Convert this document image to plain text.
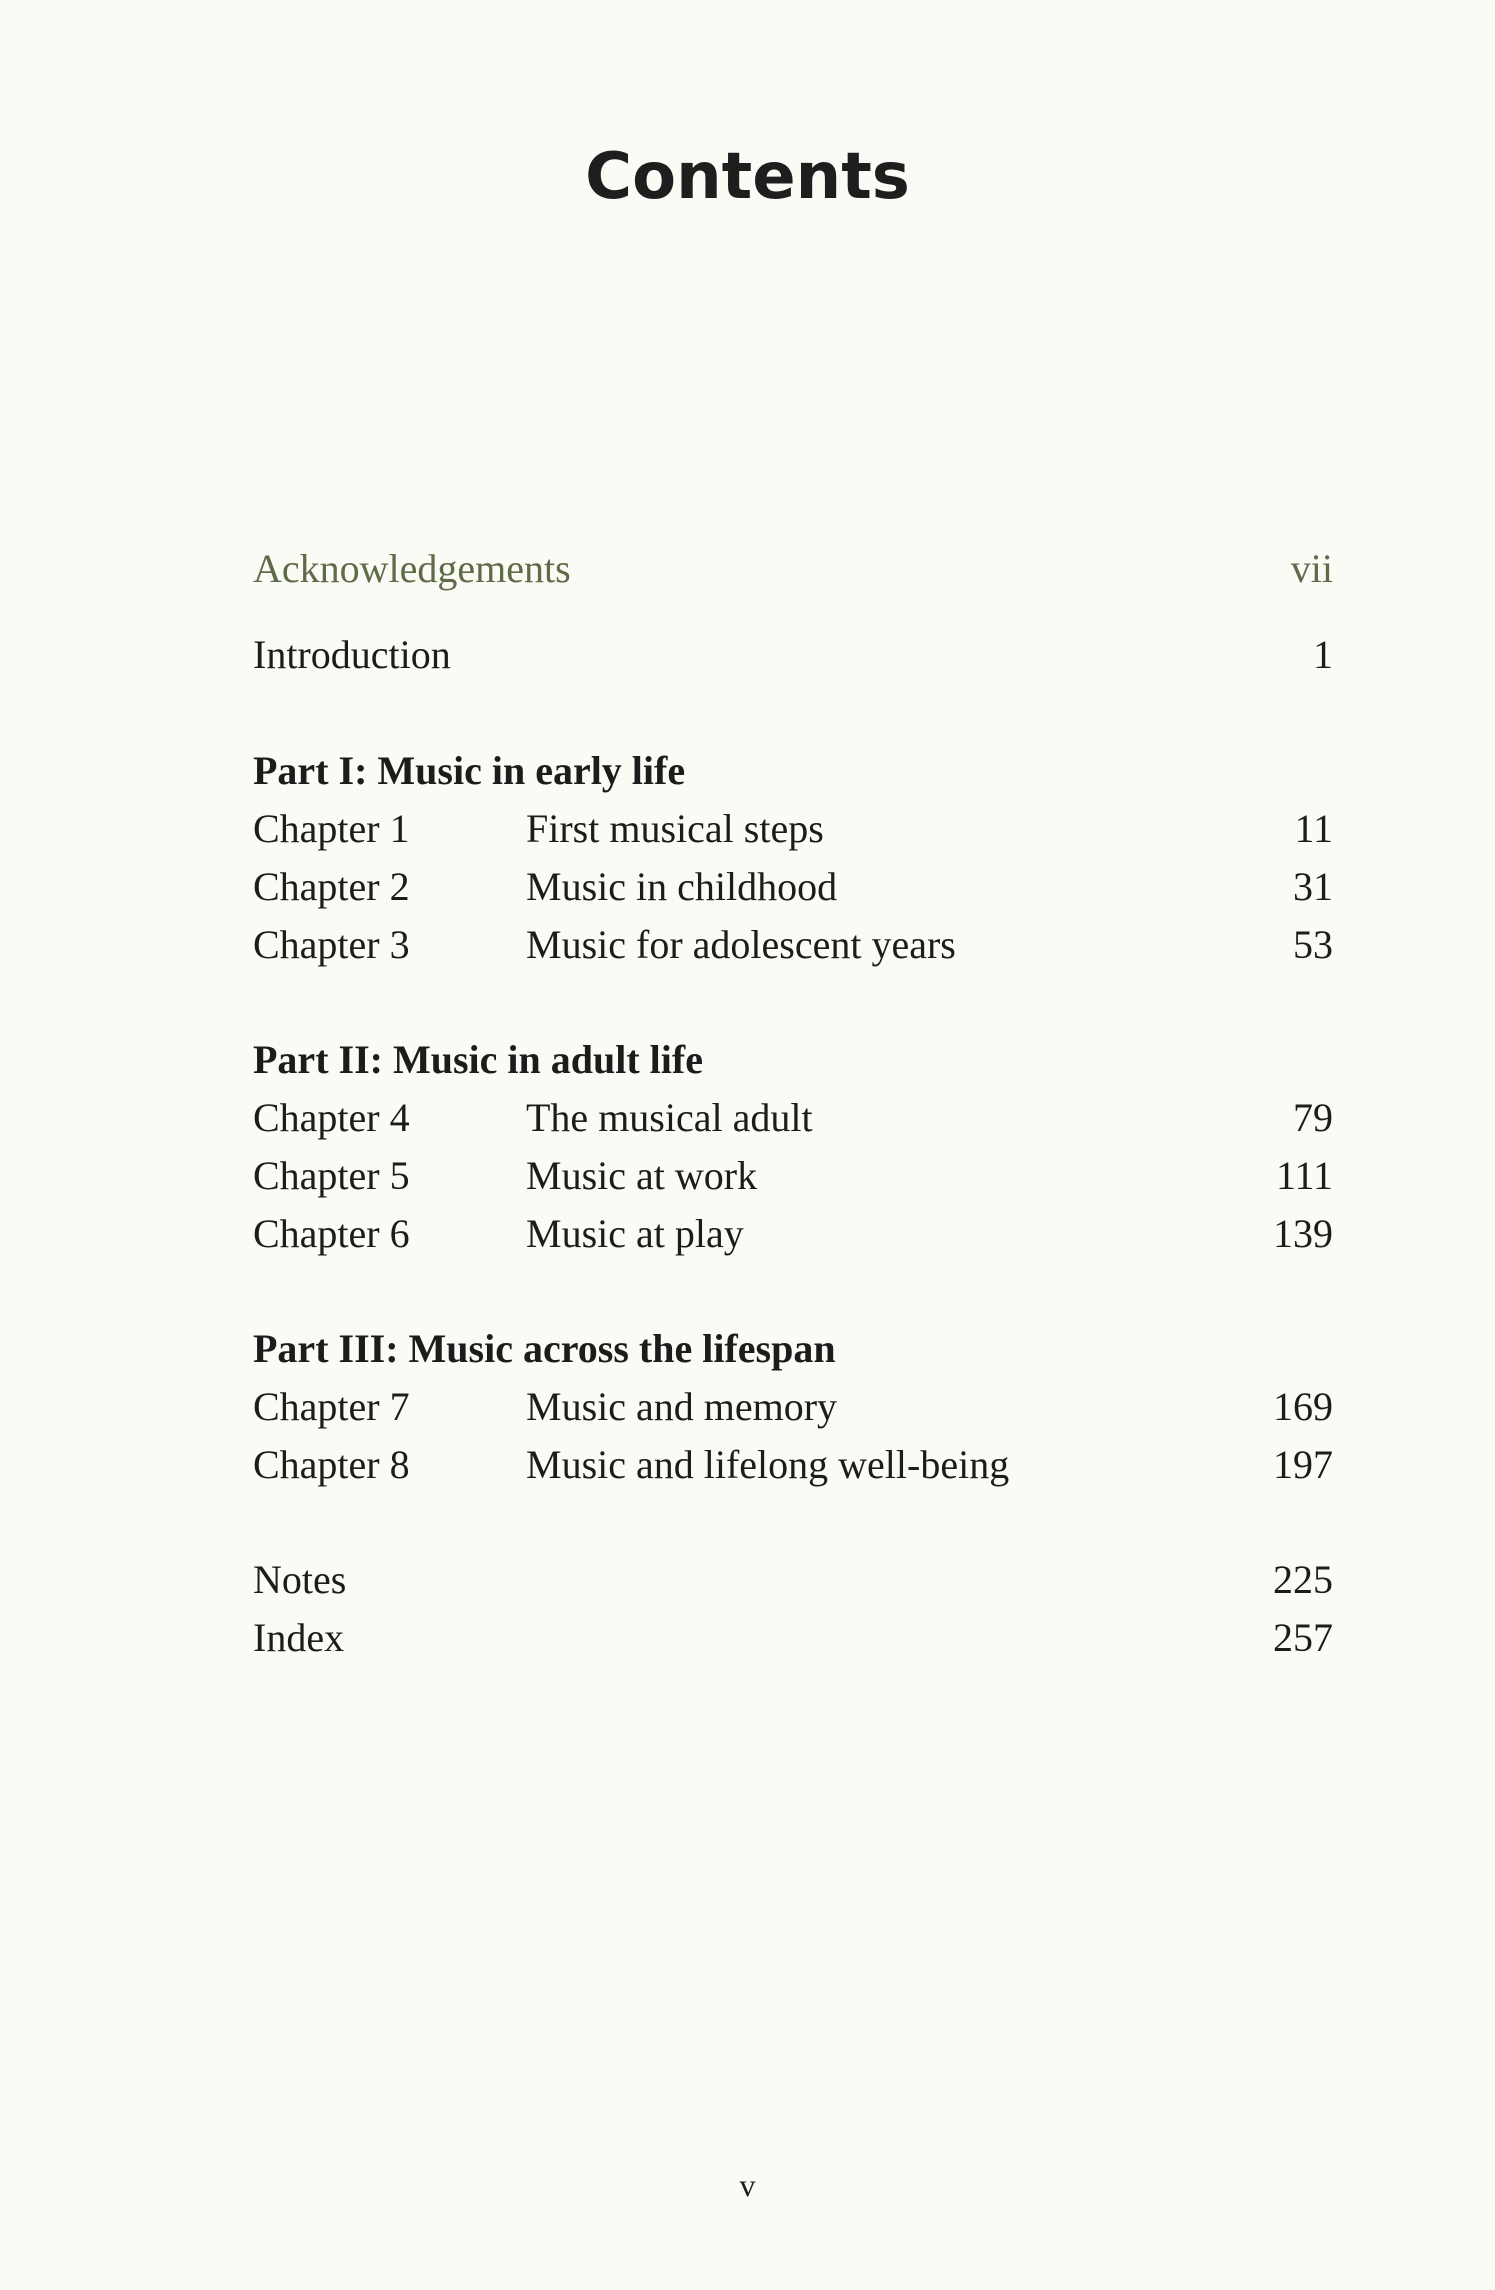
Contents
Acknowledgements	vii
Introduction	1
Part I: Music in early life
Chapter 1	First musical steps	11
Chapter 2	Music in childhood	31
Chapter 3	Music for adolescent years	53
Part II: Music in adult life
Chapter 4	The musical adult	79
Chapter 5	Music at work	111
Chapter 6	Music at play	139
Part III: Music across the lifespan
Chapter 7	Music and memory	169
Chapter 8	Music and lifelong well-being	197
Notes	225
Index	257
v
